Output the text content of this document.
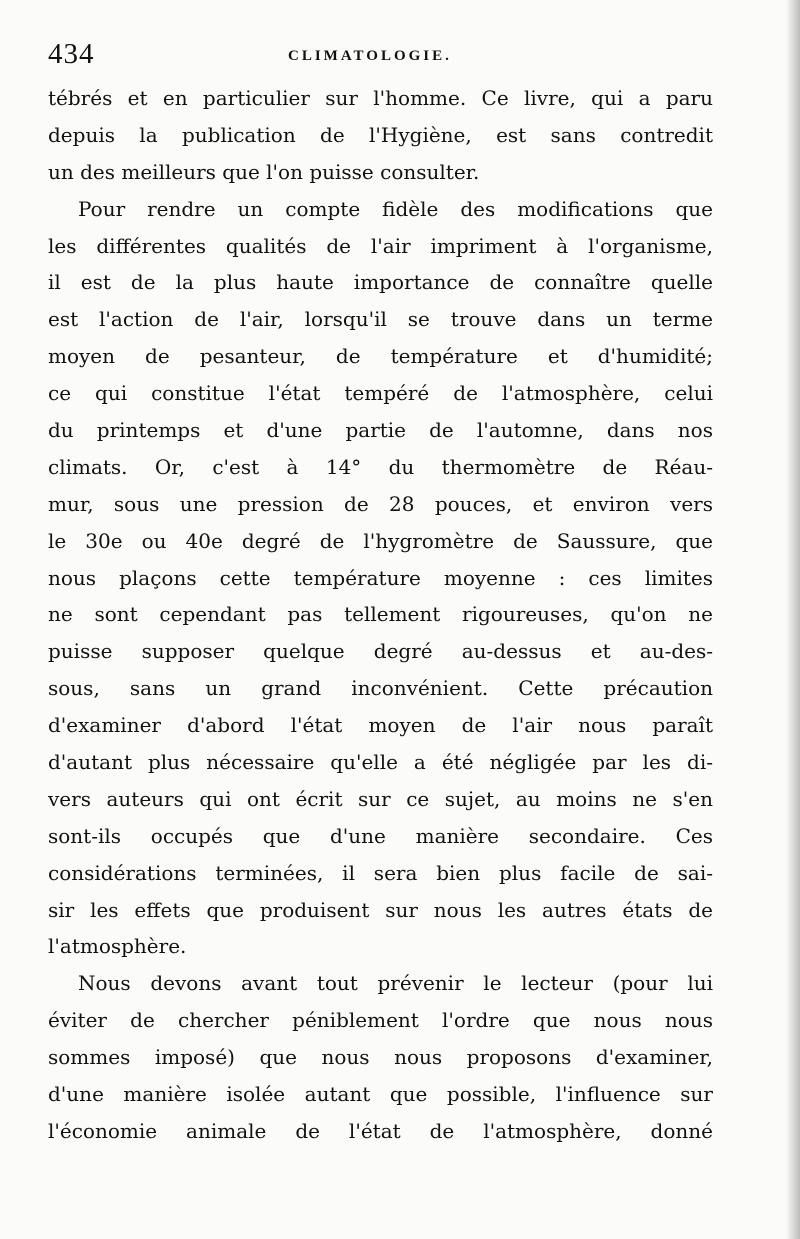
434	CLIMATOLOGIE.
tébrés et en particulier sur l'homme. Ce livre, qui a paru
depuis la publication de l'Hygiène, est sans contredit
un des meilleurs que l'on puisse consulter.
Pour rendre un compte fidèle des modifications que
les différentes qualités de l'air impriment à l'organisme,
il est de la plus haute importance de connaître quelle
est l'action de l'air, lorsqu'il se trouve dans un terme
moyen de pesanteur, de température et d'humidité;
ce qui constitue l'état tempéré de l'atmosphère, celui
du printemps et d'une partie de l'automne, dans nos
climats. Or, c'est à 14° du thermomètre de Réau-
mur, sous une pression de 28 pouces, et environ vers
le 30e ou 40e degré de l'hygromètre de Saussure, que
nous plaçons cette température moyenne : ces limites
ne sont cependant pas tellement rigoureuses, qu'on ne
puisse supposer quelque degré au-dessus et au-des-
sous, sans un grand inconvénient. Cette précaution
d'examiner d'abord l'état moyen de l'air nous paraît
d'autant plus nécessaire qu'elle a été négligée par les di-
vers auteurs qui ont écrit sur ce sujet, au moins ne s'en
sont-ils occupés que d'une manière secondaire. Ces
considérations terminées, il sera bien plus facile de sai-
sir les effets que produisent sur nous les autres états de
l'atmosphère.
Nous devons avant tout prévenir le lecteur (pour lui
éviter de chercher péniblement l'ordre que nous nous
sommes imposé) que nous nous proposons d'examiner,
d'une manière isolée autant que possible, l'influence sur
l'économie animale de l'état de l'atmosphère, donné
